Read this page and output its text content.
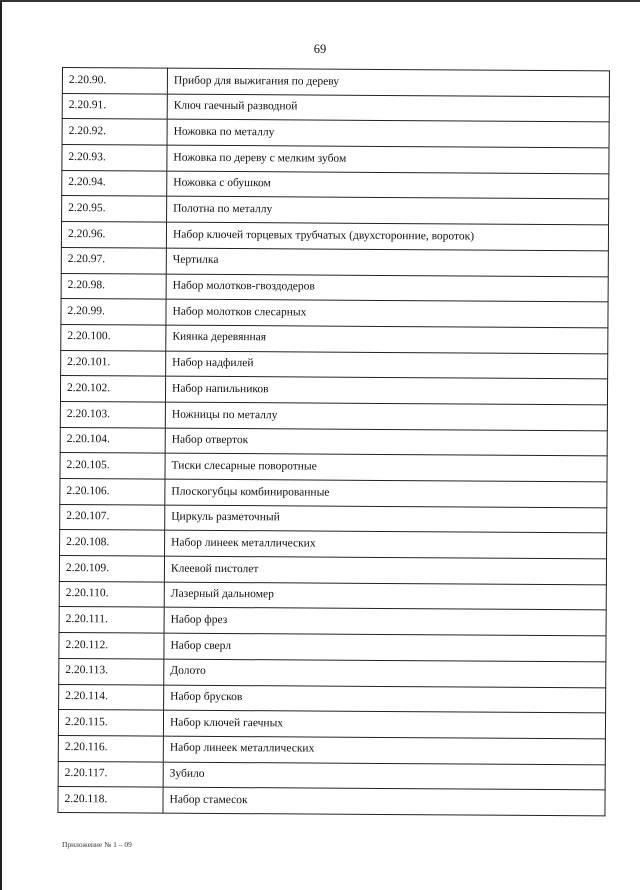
69
2.20.90.	Прибор для выжигания по дереву
2.20.91.	Ключ гаечный разводной
2.20.92.	Ножовка по металлу
2.20.93.	Ножовка по дереву с мелким зубом
2.20.94.	Ножовка с обушком
2.20.95.	Полотна по металлу
2.20.96.	Набор ключей торцевых трубчатых (двухсторонние, вороток)
2.20.97.	Чертилка
2.20.98.	Набор молотков-гвоздодеров
2.20.99.	Набор молотков слесарных
2.20.100.	Киянка деревянная
2.20.101.	Набор надфилей
2.20.102.	Набор напильников
2.20.103.	Ножницы по металлу
2.20.104.	Набор отверток
2.20.105.	Тиски слесарные поворотные
2.20.106.	Плоскогубцы комбинированные
2.20.107.	Циркуль разметочный
2.20.108.	Набор линеек металлических
2.20.109.	Клеевой пистолет
2.20.110.	Лазерный дальномер
2.20.111.	Набор фрез
2.20.112.	Набор сверл
2.20.113.	Долото
2.20.114.	Набор брусков
2.20.115.	Набор ключей гаечных
2.20.116.	Набор линеек металлических
2.20.117.	Зубило
2.20.118.	Набор стамесок
Приложение № 1 – 09
